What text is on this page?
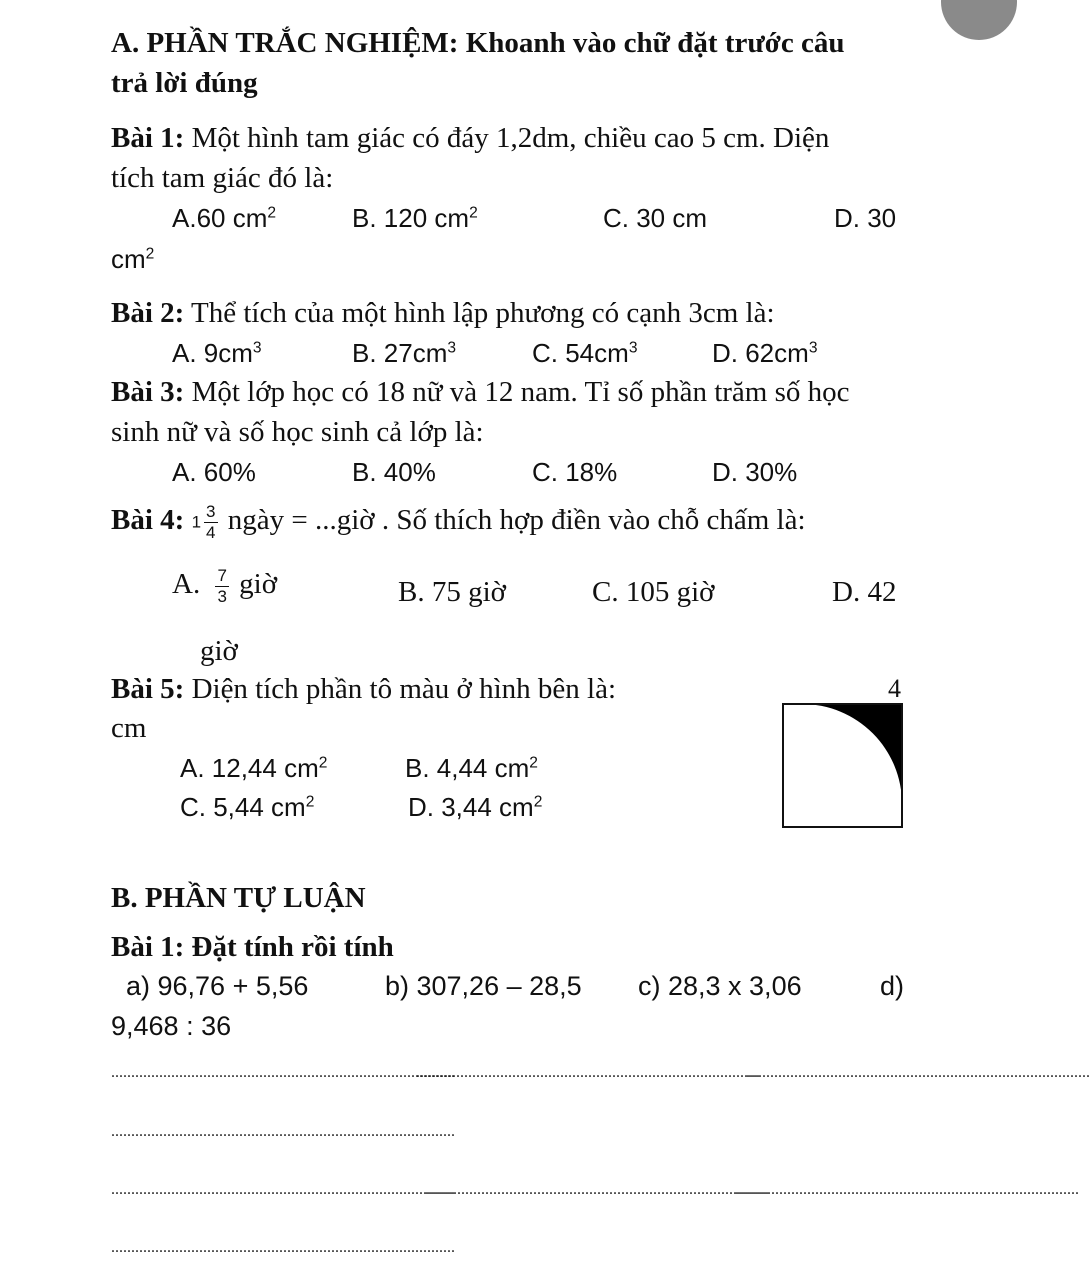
A. PHẦN TRẮC NGHIỆM: Khoanh vào chữ đặt trước câu
trả lời đúng
Bài 1: Một hình tam giác có đáy 1,2dm, chiều cao 5 cm. Diện
tích tam giác đó là:
A.60 $cm^2$	B. 120 $cm^2$	C. 30 cm	D. 30
$cm^2$
Bài 2: Thể tích của một hình lập phương có cạnh 3cm là:
A. $9cm^3$	B. $27cm^3$	C. $54cm^3$	D. $62cm^3$
Bài 3: Một lớp học có 18 nữ và 12 nam. Tỉ số phần trăm số học
sinh nữ và số học sinh cả lớp là:
A. 60%	B. 40%	C. 18%	D. 30%
Bài 4: $1 \frac{3}{4}$ ngày = ...giờ . Số thích hợp điền vào chỗ chấm là:
A. $\frac{7}{3}$ giờ	B. 75 giờ	C. 105 giờ	D. 42
giờ
Bài 5: Diện tích phần tô màu ở hình bên là:	4
cm
A. 12,44 $cm^2$	B. 4,44 $cm^2$
C. 5,44 $cm^2$	D. 3,44 $cm^2$
B. PHẦN TỰ LUẬN
Bài 1: Đặt tính rồi tính
a) 96,76 + 5,56	b) 307,26 – 28,5 c) 28,3 x 3,06	d)
9,468 : 36
......................................................................................
......................................................................................
......................................................................................
......................................................................................
......................................................................................
......................................................................................
......................................................................................
......................................................................................
